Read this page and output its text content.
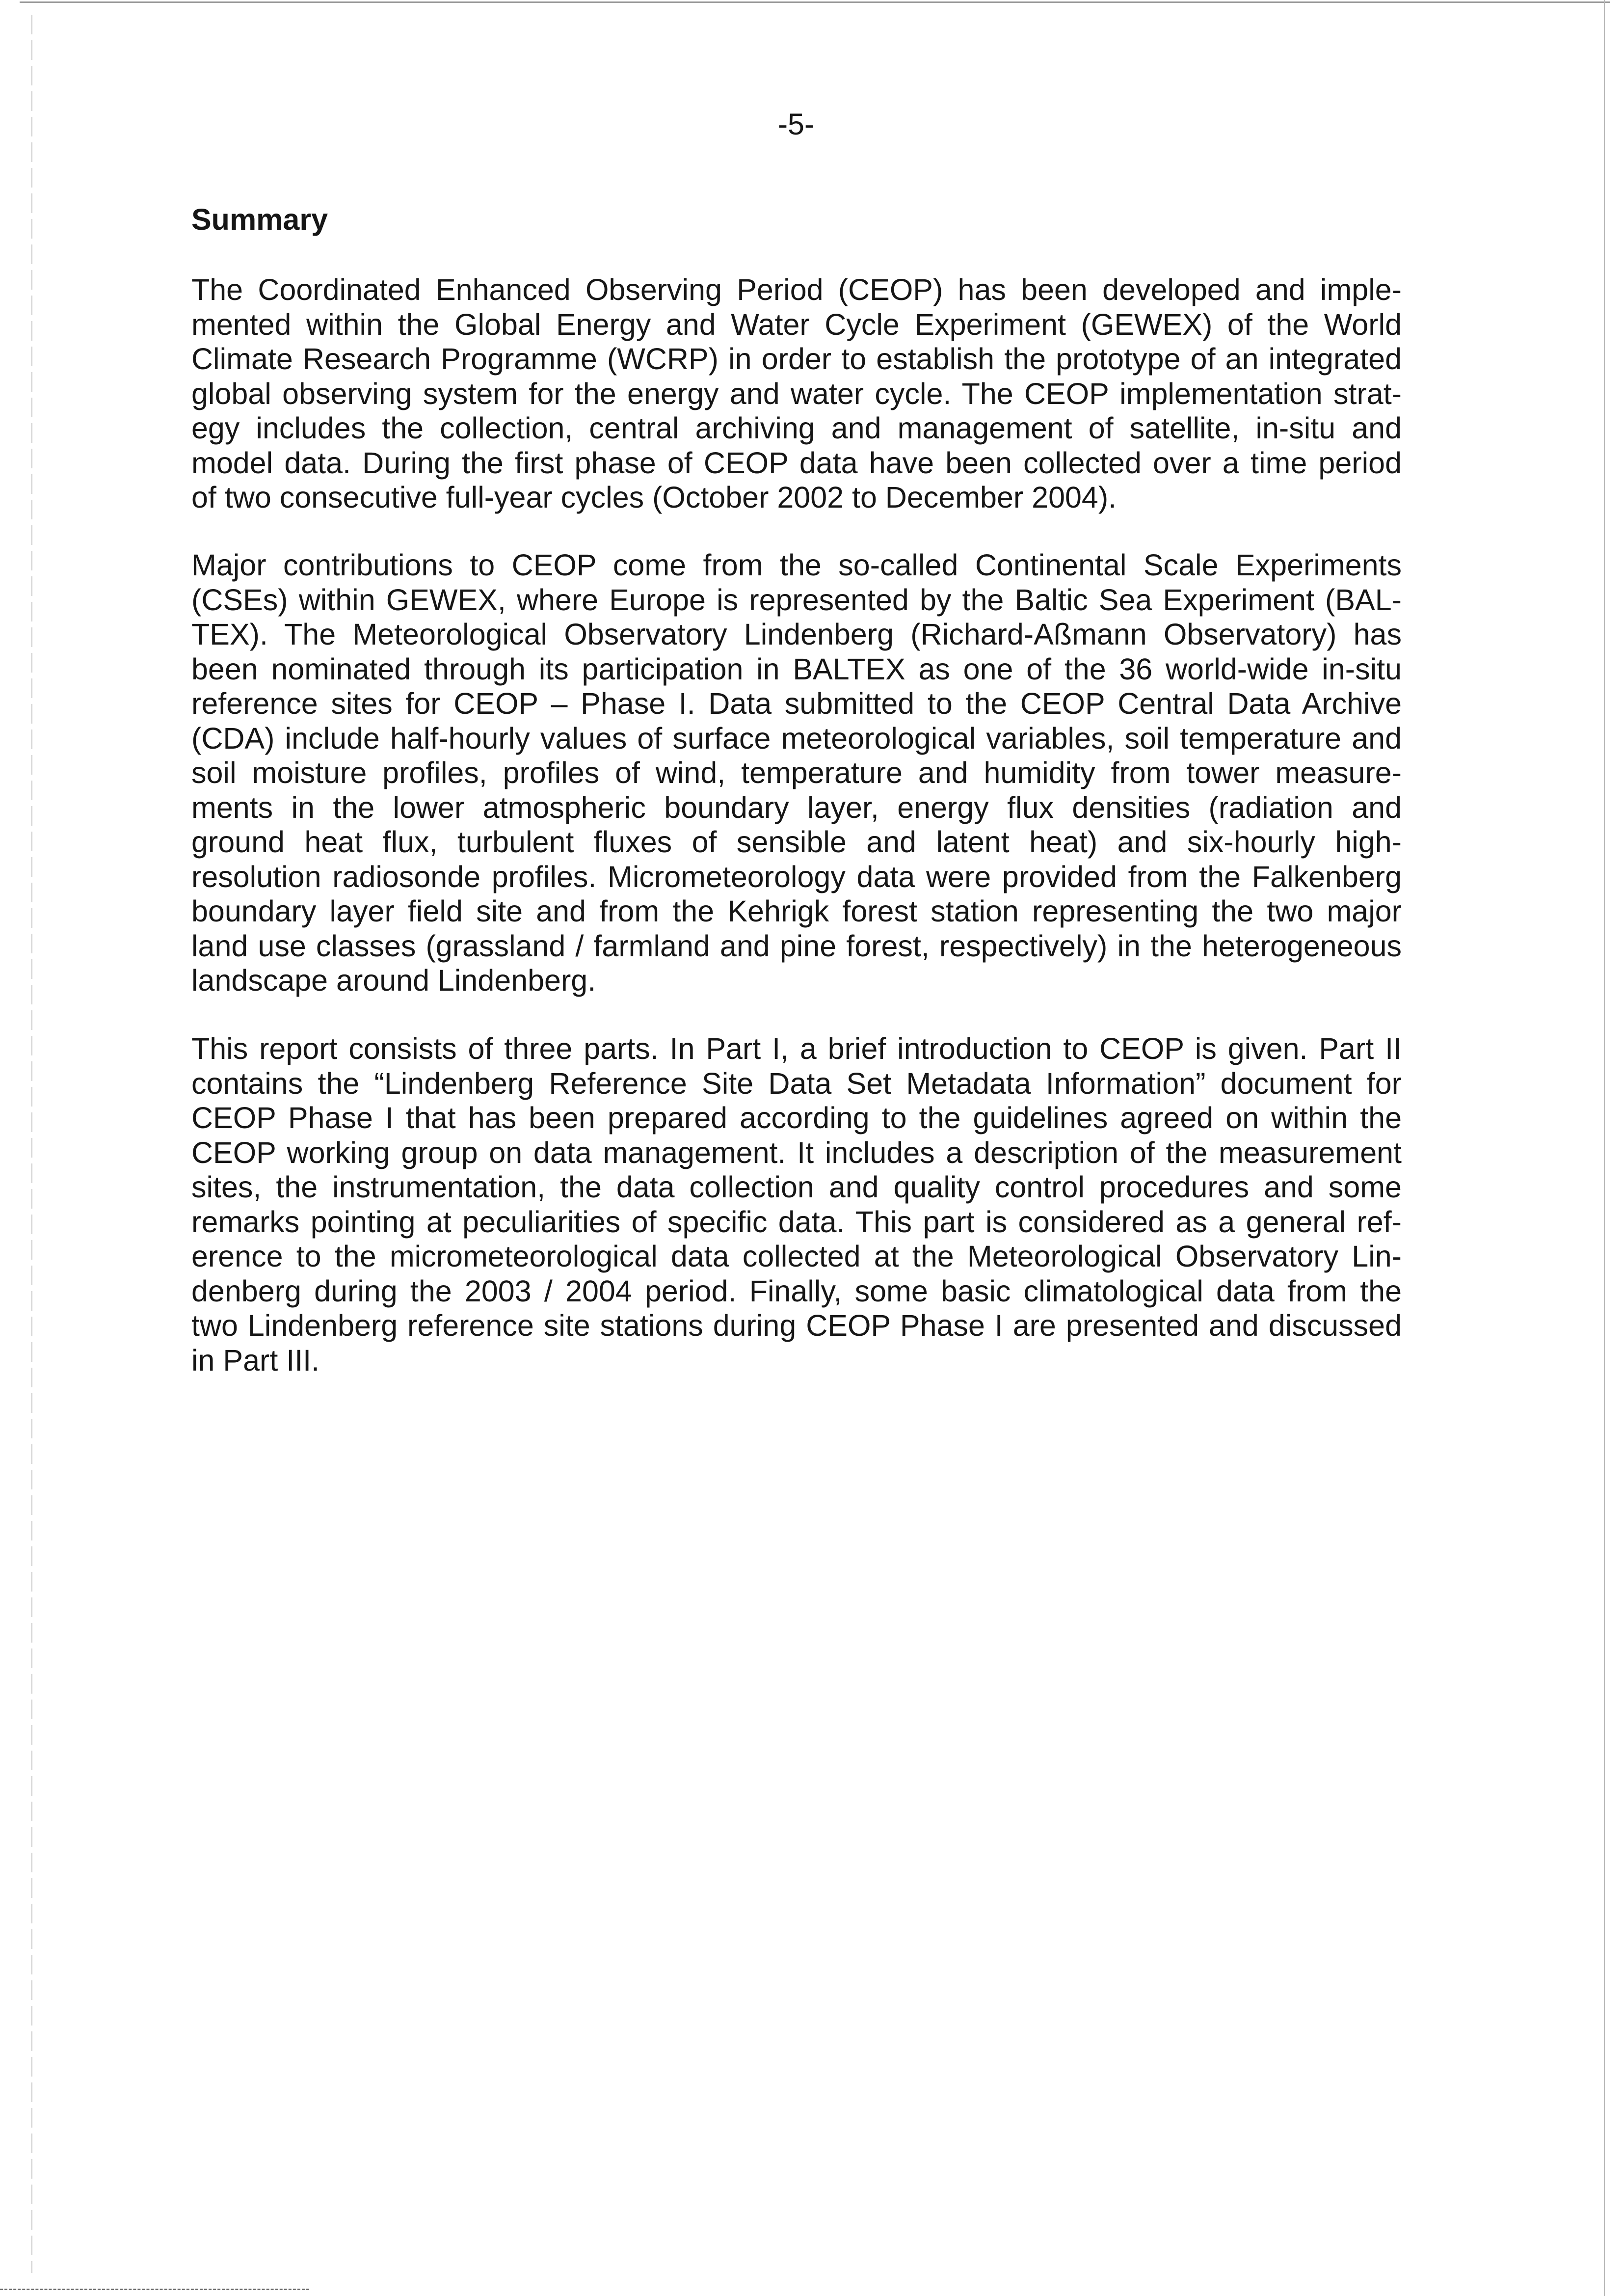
-5-
Summary
The Coordinated Enhanced Observing Period (CEOP) has been developed and imple-
mented within the Global Energy and Water Cycle Experiment (GEWEX) of the World
Climate Research Programme (WCRP) in order to establish the prototype of an integrated
global observing system for the energy and water cycle. The CEOP implementation strat-
egy includes the collection, central archiving and management of satellite, in-situ and
model data. During the first phase of CEOP data have been collected over a time period
of two consecutive full-year cycles (October 2002 to December 2004).
Major contributions to CEOP come from the so-called Continental Scale Experiments
(CSEs) within GEWEX, where Europe is represented by the Baltic Sea Experiment (BAL-
TEX). The Meteorological Observatory Lindenberg (Richard-Aßmann Observatory) has
been nominated through its participation in BALTEX as one of the 36 world-wide in-situ
reference sites for CEOP – Phase I. Data submitted to the CEOP Central Data Archive
(CDA) include half-hourly values of surface meteorological variables, soil temperature and
soil moisture profiles, profiles of wind, temperature and humidity from tower measure-
ments in the lower atmospheric boundary layer, energy flux densities (radiation and
ground heat flux, turbulent fluxes of sensible and latent heat) and six-hourly high-
resolution radiosonde profiles. Micrometeorology data were provided from the Falkenberg
boundary layer field site and from the Kehrigk forest station representing the two major
land use classes (grassland / farmland and pine forest, respectively) in the heterogeneous
landscape around Lindenberg.
This report consists of three parts. In Part I, a brief introduction to CEOP is given. Part II
contains the “Lindenberg Reference Site Data Set Metadata Information” document for
CEOP Phase I that has been prepared according to the guidelines agreed on within the
CEOP working group on data management. It includes a description of the measurement
sites, the instrumentation, the data collection and quality control procedures and some
remarks pointing at peculiarities of specific data. This part is considered as a general ref-
erence to the micrometeorological data collected at the Meteorological Observatory Lin-
denberg during the 2003 / 2004 period. Finally, some basic climatological data from the
two Lindenberg reference site stations during CEOP Phase I are presented and discussed
in Part III.
